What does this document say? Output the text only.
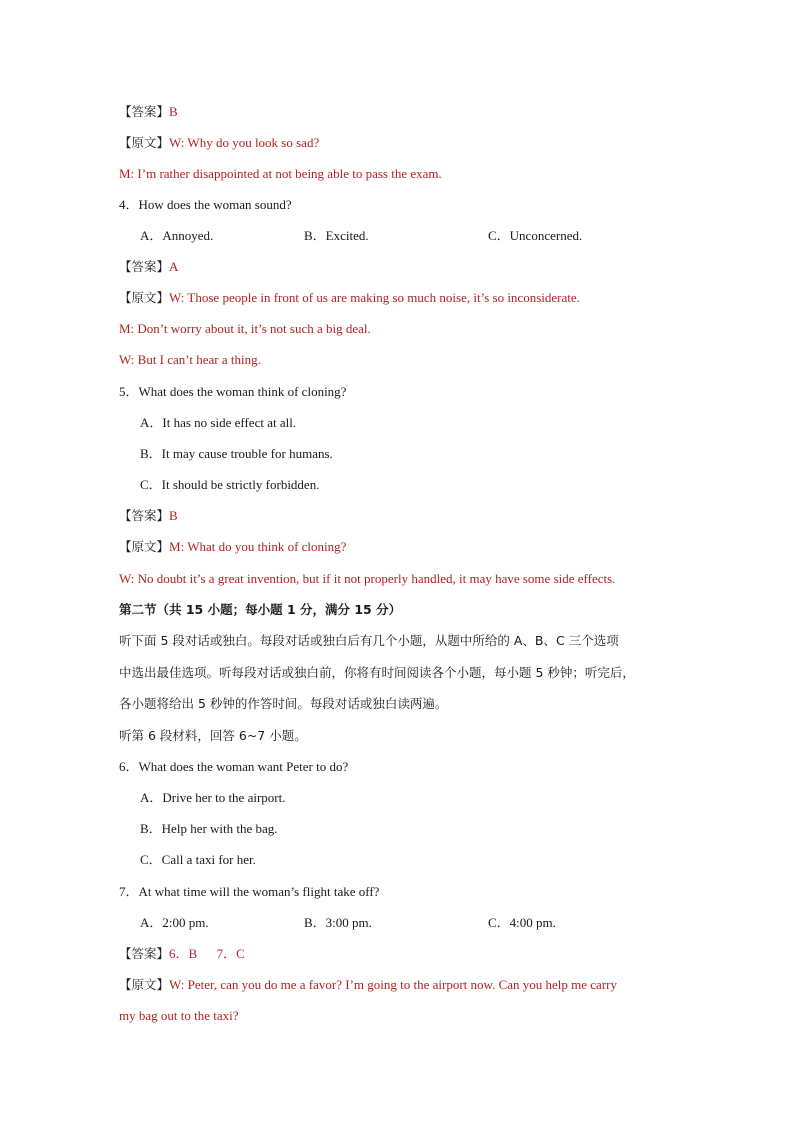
【答案】B
【原文】W: Why do you look so sad?
M: I’m rather disappointed at not being able to pass the exam.
4．How does the woman sound?
A．Annoyed.	B．Excited.	C．Unconcerned.
【答案】A
【原文】W: Those people in front of us are making so much noise, it’s so inconsiderate.
M: Don’t worry about it, it’s not such a big deal.
W: But I can’t hear a thing.
5．What does the woman think of cloning?
A．It has no side effect at all.
B．It may cause trouble for humans.
C．It should be strictly forbidden.
【答案】B
【原文】M: What do you think of cloning?
W: No doubt it’s a great invention, but if it not properly handled, it may have some side effects.
第二节（共 15 小题；每小题 1 分，满分 15 分）
听下面 5 段对话或独白。每段对话或独白后有几个小题，从题中所给的 A、B、C 三个选项
中选出最佳选项。听每段对话或独白前，你将有时间阅读各个小题，每小题 5 秒钟；听完后，
各小题将给出 5 秒钟的作答时间。每段对话或独白读两遍。
听第 6 段材料，回答 6~7 小题。
6．What does the woman want Peter to do?
A．Drive her to the airport.
B．Help her with the bag.
C．Call a taxi for her.
7．At what time will the woman’s flight take off?
A．2:00 pm.	B．3:00 pm.	C．4:00 pm.
【答案】6．B      7．C
【原文】W: Peter, can you do me a favor? I’m going to the airport now. Can you help me carry
my bag out to the taxi?
